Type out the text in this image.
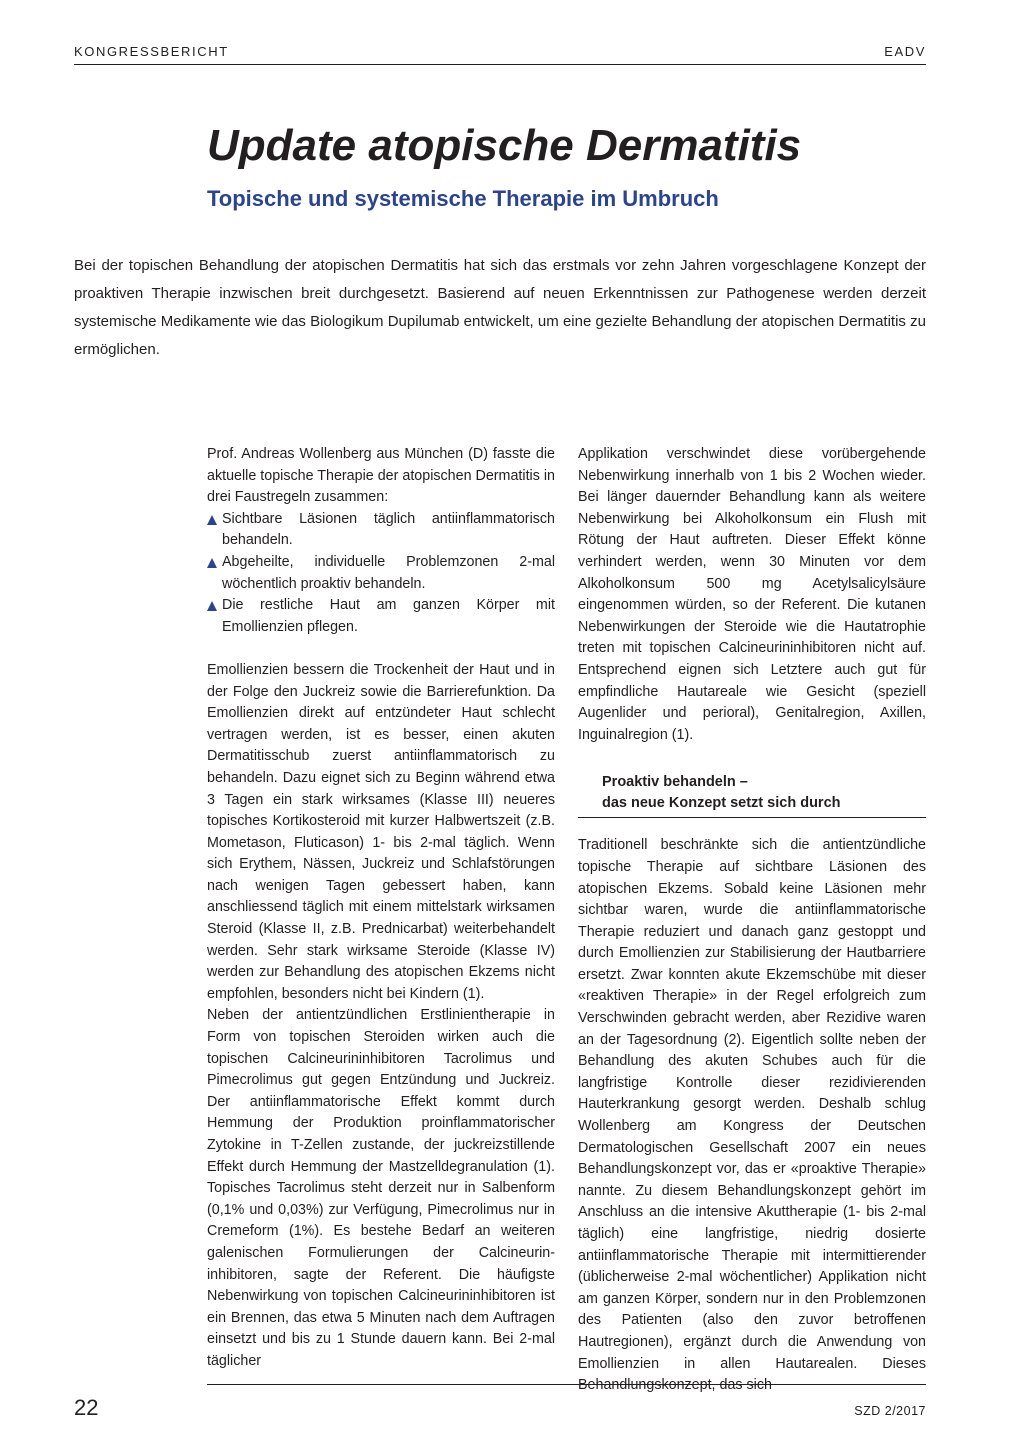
KONGRESSBERICHT	EADV
Update atopische Dermatitis
Topische und systemische Therapie im Umbruch

Bei der topischen Behandlung der atopischen Dermatitis hat sich das erstmals vor zehn Jahren vorgeschlagene Konzept der proaktiven Therapie inzwischen breit durchgesetzt. Basierend auf neuen Erkenntnissen zur Pathogenese werden derzeit systemische Medikamente wie das Biologikum Dupilumab entwickelt, um eine gezielte Behandlung der atopischen Dermatitis zu ermöglichen.

Prof. Andreas Wollenberg aus München (D) fasste die aktuelle topische Therapie der atopischen Dermatitis in drei Faustregeln zusammen:

Sichtbare Läsionen täglich antiinflammatorisch behandeln.
Abgeheilte, individuelle Problemzonen 2-mal wöchentlich proaktiv behandeln.
Die restliche Haut am ganzen Körper mit Emollienzien pflegen.

Emollienzien bessern die Trockenheit der Haut und in der Folge den Juckreiz sowie die Barrierefunktion. Da Emollienzien direkt auf entzündeter Haut schlecht vertragen werden, ist es besser, einen akuten Dermatitisschub zuerst antiinflammatorisch zu behandeln. Dazu eignet sich zu Beginn während etwa 3 Tagen ein stark wirksames (Klasse III) neueres topisches Kortikosteroid mit kurzer Halbwertszeit (z.B. Mometason, Fluticason) 1- bis 2-mal täglich. Wenn sich Erythem, Nässen, Juckreiz und Schlafstörungen nach wenigen Tagen gebessert haben, kann anschliessend täglich mit einem mittelstark wirksamen Steroid (Klasse II, z.B. Prednicarbat) weiterbehandelt werden. Sehr stark wirksame Steroide (Klasse IV) werden zur Behandlung des atopischen Ekzems nicht empfohlen, besonders nicht bei Kindern (1).

Neben der antientzündlichen Erstlinientherapie in Form von topischen Steroiden wirken auch die topischen Calcineurininhibitoren Tacrolimus und Pimecrolimus gut gegen Entzündung und Juckreiz. Der antiinflammatorische Effekt kommt durch Hemmung der Produktion proinflammatorischer Zytokine in T-Zellen zustande, der juckreizstillende Effekt durch Hemmung der Mastzelldegranulation (1). Topisches Tacrolimus steht derzeit nur in Salbenform (0,1% und 0,03%) zur Verfügung, Pimecrolimus nur in Cremeform (1%). Es bestehe Bedarf an weiteren galenischen Formulierungen der Calcineurin-inhibitoren, sagte der Referent. Die häufigste Nebenwirkung von topischen Calcineurininhibitoren ist ein Brennen, das etwa 5 Minuten nach dem Auftragen einsetzt und bis zu 1 Stunde dauern kann. Bei 2-mal täglicher

Applikation verschwindet diese vorübergehende Nebenwirkung innerhalb von 1 bis 2 Wochen wieder. Bei länger dauernder Behandlung kann als weitere Nebenwirkung bei Alkoholkonsum ein Flush mit Rötung der Haut auftreten. Dieser Effekt könne verhindert werden, wenn 30 Minuten vor dem Alkoholkonsum 500 mg Acetylsalicylsäure eingenommen würden, so der Referent. Die kutanen Nebenwirkungen der Steroide wie die Hautatrophie treten mit topischen Calcineurininhibitoren nicht auf. Entsprechend eignen sich Letztere auch gut für empfindliche Hautareale wie Gesicht (speziell Augenlider und perioral), Genitalregion, Axillen, Inguinalregion (1).

Proaktiv behandeln –
das neue Konzept setzt sich durch

Traditionell beschränkte sich die antientzündliche topische Therapie auf sichtbare Läsionen des atopischen Ekzems. Sobald keine Läsionen mehr sichtbar waren, wurde die antiinflammatorische Therapie reduziert und danach ganz gestoppt und durch Emollienzien zur Stabilisierung der Hautbarriere ersetzt. Zwar konnten akute Ekzemschübe mit dieser «reaktiven Therapie» in der Regel erfolgreich zum Verschwinden gebracht werden, aber Rezidive waren an der Tagesordnung (2). Eigentlich sollte neben der Behandlung des akuten Schubes auch für die langfristige Kontrolle dieser rezidivierenden Hauterkrankung gesorgt werden. Deshalb schlug Wollenberg am Kongress der Deutschen Dermatologischen Gesellschaft 2007 ein neues Behandlungskonzept vor, das er «proaktive Therapie» nannte. Zu diesem Behandlungskonzept gehört im Anschluss an die intensive Akuttherapie (1- bis 2-mal täglich) eine langfristige, niedrig dosierte antiinflammatorische Therapie mit intermittierender (üblicherweise 2-mal wöchentlicher) Applikation nicht am ganzen Körper, sondern nur in den Problemzonen des Patienten (also den zuvor betroffenen Hautregionen), ergänzt durch die Anwendung von Emollienzien in allen Hautarealen. Dieses Behandlungskonzept, das sich

22	SZD 2/2017
